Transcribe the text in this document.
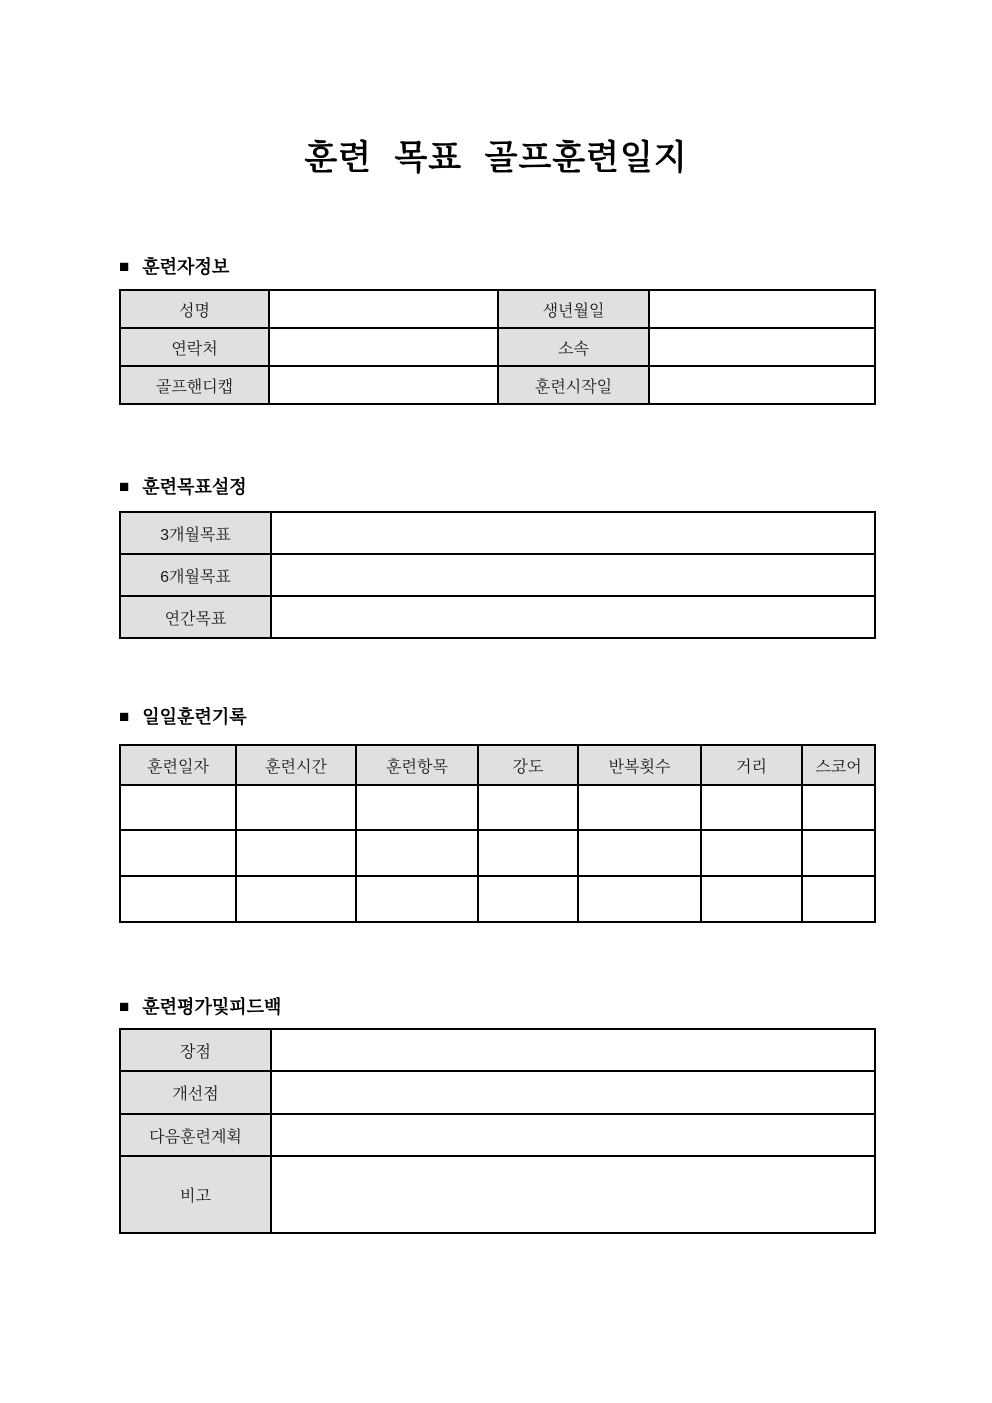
훈련 목표 골프훈련일지
■ 훈련자정보
성명		생년월일	
연락처		소속	
골프핸디캡		훈련시작일	
■ 훈련목표설정
3개월목표	
6개월목표	
연간목표	
■ 일일훈련기록
훈련일자	훈련시간	훈련항목	강도	반복횟수	거리	스코어

■ 훈련평가및피드백
장점	
개선점	
다음훈련계획	
비고	
